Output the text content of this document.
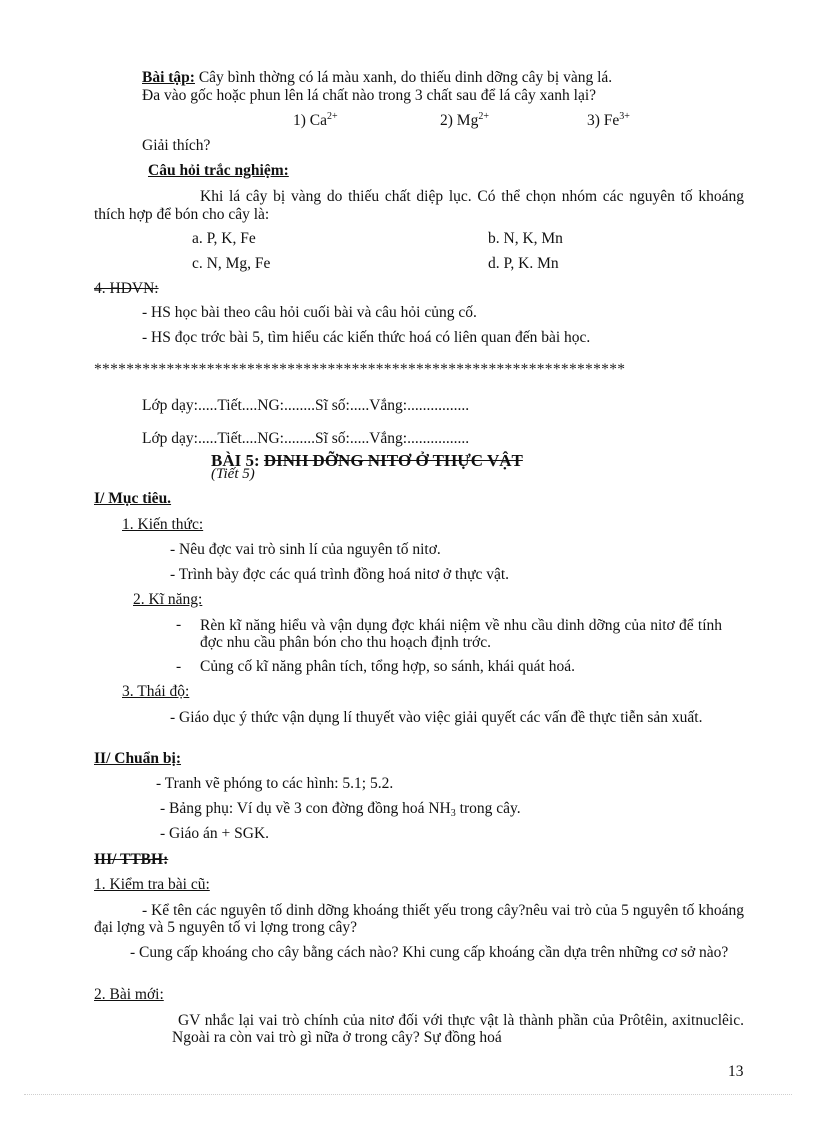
Bài tập: Cây bình thờng có lá màu xanh, do thiếu dinh dỡng cây bị vàng lá.
Đa vào gốc hoặc phun lên lá chất nào trong 3 chất sau để lá cây xanh lại?
1) $Ca^{2+}$	2) $Mg^{2+}$	3) $Fe^{3+}$
Giải thích?
Câu hỏi trắc nghiệm:
Khi lá cây bị vàng do thiếu chất diệp lục. Có thể chọn nhóm các nguyên tố khoáng thích hợp để bón cho cây là:
a. P, K, Fe	b. N, K, Mn
c. N, Mg, Fe	d. P, K. Mn
4. HDVN:
- HS học bài theo câu hỏi cuối bài và câu hỏi củng cố.
- HS đọc trớc bài 5, tìm hiểu các kiến thức hoá có liên quan đến bài học.
******************************************************************
Lớp dạy:.....Tiết....NG:........Sĩ số:.....Vắng:................
Lớp dạy:.....Tiết....NG:........Sĩ số:.....Vắng:................
BÀI 5: DINH DỠNG NITƠ Ở THỰC VẬT
(Tiết 5)
I/ Mục tiêu.
1. Kiến thức:
- Nêu đợc vai trò sinh lí của nguyên tố nitơ.
- Trình bày đợc các quá trình đồng hoá nitơ ở thực vật.
2. Kĩ năng:
- Rèn kĩ năng hiểu và vận dụng đợc khái niệm về nhu cầu dinh dỡng của nitơ để tính đợc nhu cầu phân bón cho thu hoạch định trớc.
- Củng cố kĩ năng phân tích, tổng hợp, so sánh, khái quát hoá.
3. Thái độ:
- Giáo dục ý thức vận dụng lí thuyết vào việc giải quyết các vấn đề thực tiễn sản xuất.
II/ Chuẩn bị:
- Tranh vẽ phóng to các hình: 5.1; 5.2.
- Bảng phụ: Ví dụ về 3 con đờng đồng hoá $NH_3$ trong cây.
- Giáo án + SGK.
III/ TTBH:
1. Kiểm tra bài cũ:
- Kể tên các nguyên tố dinh dỡng khoáng thiết yếu trong cây?nêu vai trò của 5 nguyên tố khoáng đại lợng và 5 nguyên tố vi lợng trong cây?
- Cung cấp khoáng cho cây bằng cách nào? Khi cung cấp khoáng cần dựa trên những cơ sở nào?
2. Bài mới:
GV nhắc lại vai trò chính của nitơ đối với thực vật là thành phần của Prôtêin, axitnuclêic. Ngoài ra còn vai trò gì nữa ở trong cây? Sự đồng hoá
13
